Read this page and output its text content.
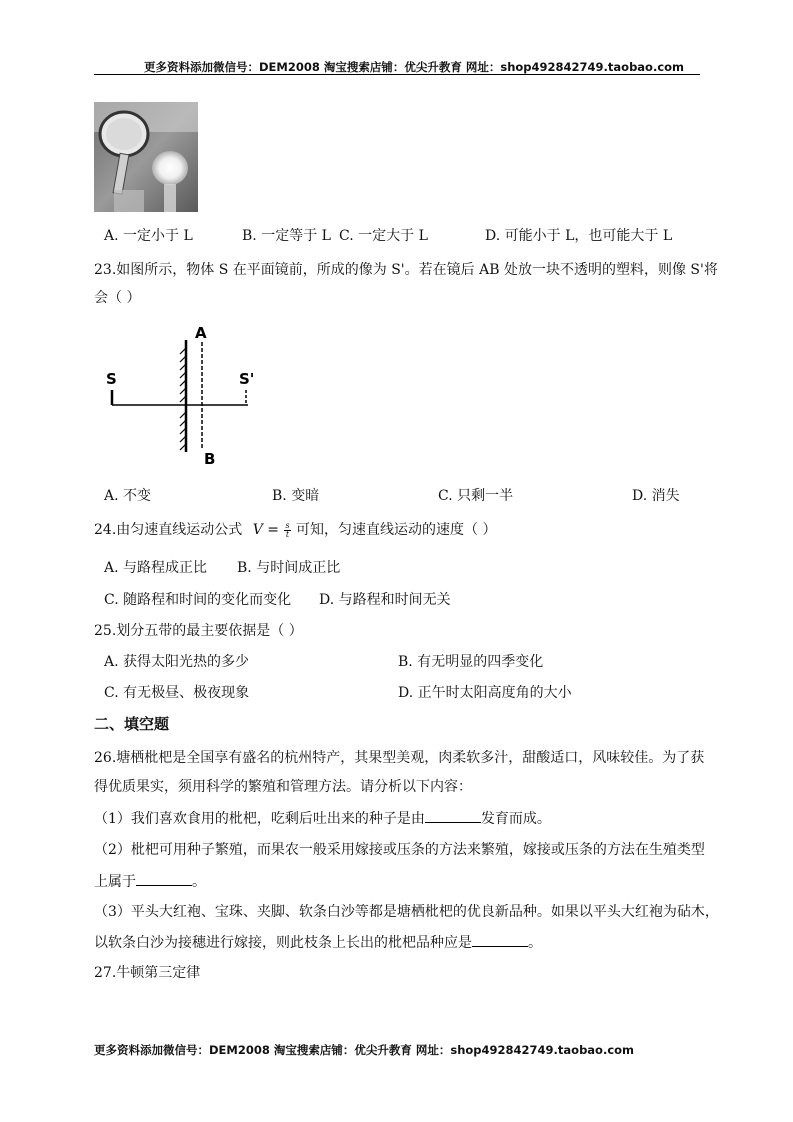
更多资料添加微信号：DEM2008 淘宝搜索店铺：优尖升教育 网址：shop492842749.taobao.com
A. 一定小于 L	B. 一定等于 L C. 一定大于 L	D. 可能小于 L，也可能大于 L
23.如图所示，物体 S 在平面镜前，所成的像为 S'。若在镜后 AB 处放一块不透明的塑料，则像 S'将
会（ ）
S	S'
A
B
A. 不变	B. 变暗	C. 只剩一半	D. 消失
24.由匀速直线运动公式 $V = \frac{s}{t}$ 可知，匀速直线运动的速度（ ）
A. 与路程成正比 B. 与时间成正比
C. 随路程和时间的变化而变化 D. 与路程和时间无关
25.划分五带的最主要依据是（ ）
A. 获得太阳光热的多少	B. 有无明显的四季变化
C. 有无极昼、极夜现象	D. 正午时太阳高度角的大小
二、填空题
26.塘栖枇杷是全国享有盛名的杭州特产，其果型美观，肉柔软多汁，甜酸适口，风味较佳。为了获
得优质果实，须用科学的繁殖和管理方法。请分析以下内容：
（1）我们喜欢食用的枇杷，吃剩后吐出来的种子是由	发育而成。
（2）枇杷可用种子繁殖，而果农一般采用嫁接或压条的方法来繁殖，嫁接或压条的方法在生殖类型
上属于	。
（3）平头大红袍、宝珠、夹脚、软条白沙等都是塘栖枇杷的优良新品种。如果以平头大红袍为砧木，
以软条白沙为接穗进行嫁接，则此枝条上长出的枇杷品种应是	。
27.牛顿第三定律
更多资料添加微信号：DEM2008 淘宝搜索店铺：优尖升教育 网址：shop492842749.taobao.com
